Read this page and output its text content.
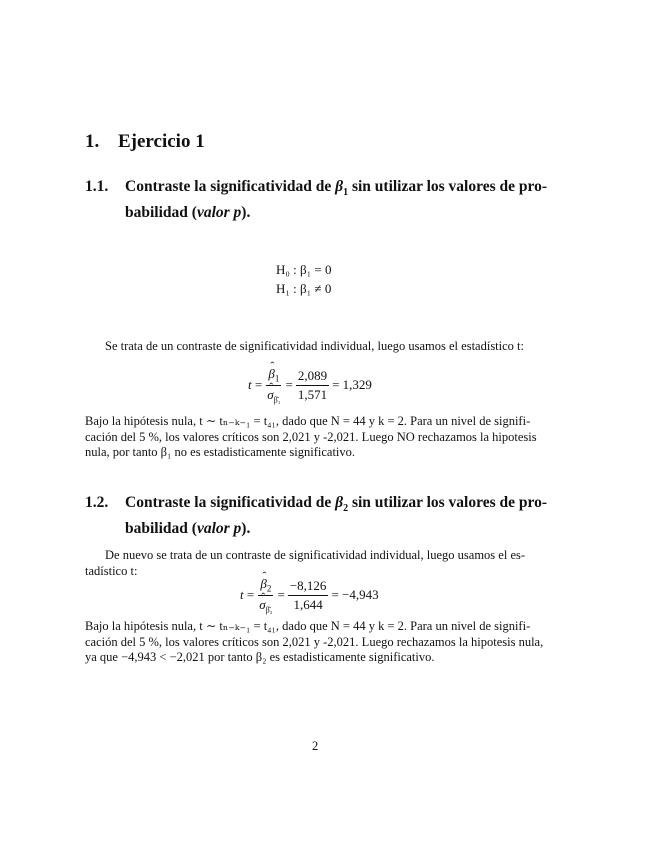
1. Ejercicio 1
1.1. Contraste la significatividad de $\beta_1$ sin utilizar los valores de pro-
babilidad (valor p).
H₀ : β₁ = 0
H₁ : β₁ ≠ 0
Se trata de un contraste de significatividad individual, luego usamos el estadístico t:
t = ˆ $\beta_1$
ˆ $\sigma_{\betâ_1} = \frac{2,089}{1,571} = 1,329$
Bajo la hipótesis nula, t ∼ tₙ₋ₖ₋₁ = t₄₁, dado que N = 44 y k = 2. Para un nivel de signifi-
cación del 5 %, los valores críticos son 2,021 y -2,021. Luego NO rechazamos la hipotesis
nula, por tanto β₁ no es estadisticamente significativo.
1.2. Contraste la significatividad de $\beta_2$ sin utilizar los valores de pro-
babilidad (valor p).
De nuevo se trata de un contraste de significatividad individual, luego usamos el es-
tadístico t:
t = ˆ $\beta_2$
ˆ $\sigma_{\betâ_2} = \frac{-8,126}{1,644} = -4,943$
Bajo la hipótesis nula, t ∼ tₙ₋ₖ₋₁ = t₄₁, dado que N = 44 y k = 2. Para un nivel de signifi-
cación del 5 %, los valores críticos son 2,021 y -2,021. Luego rechazamos la hipotesis nula,
ya que −4,943 < −2,021 por tanto β₂ es estadisticamente significativo.
2
